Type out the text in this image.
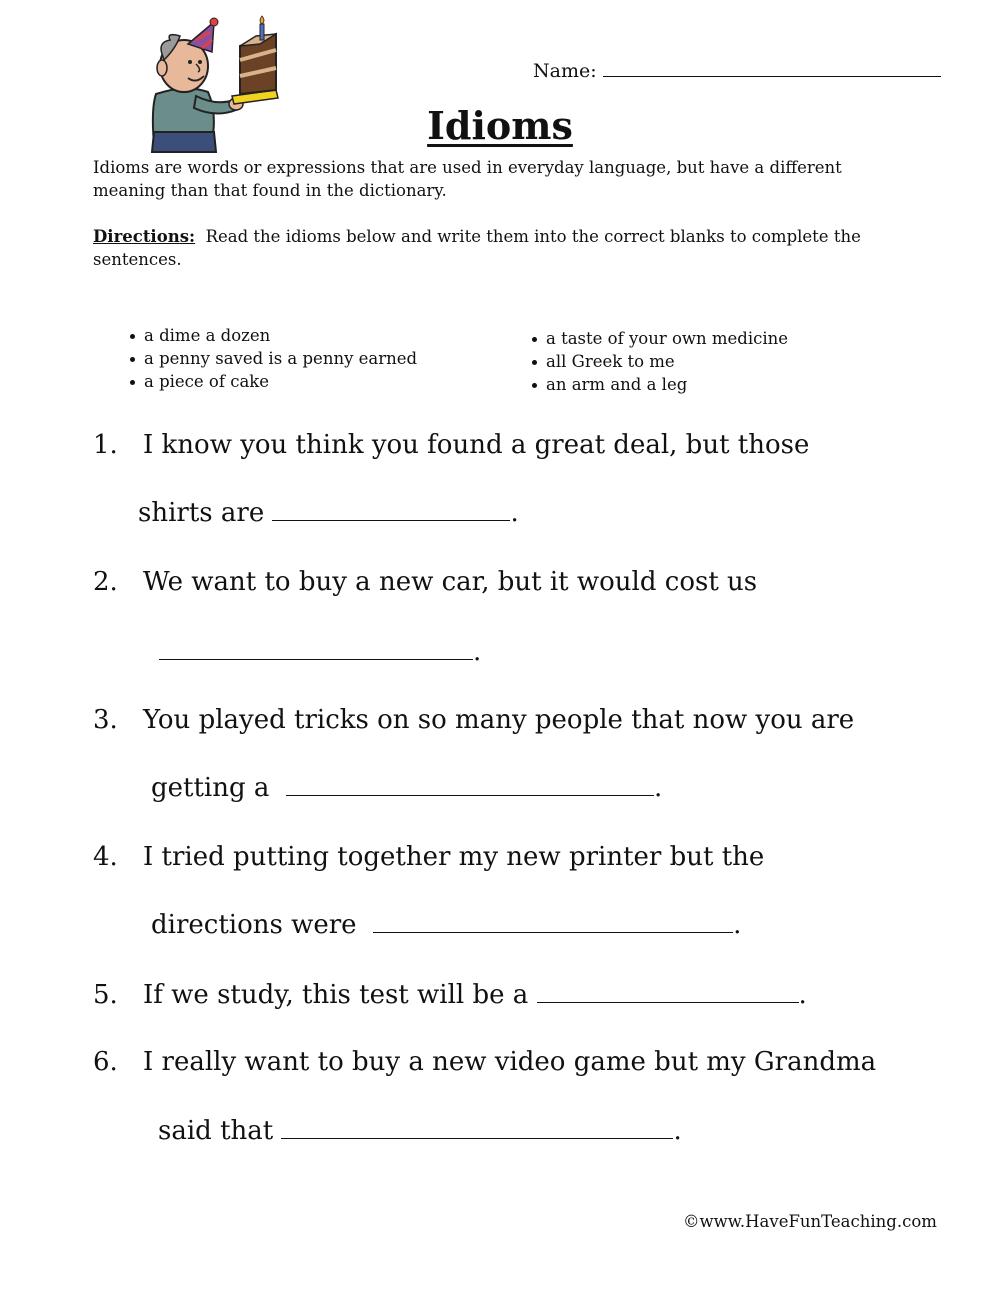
Name:
Idioms
Idioms are words or expressions that are used in everyday language, but have a different meaning than that found in the dictionary.
Directions: Read the idioms below and write them into the correct blanks to complete the sentences.
a dime a dozen
a penny saved is a penny earned
a piece of cake
a taste of your own medicine
all Greek to me
an arm and a leg
1. I know you think you found a great deal, but those
shirts are	.
2. We want to buy a new car, but it would cost us
.
3. You played tricks on so many people that now you are
getting a	.
4. I tried putting together my new printer but the
directions were	.
5. If we study, this test will be a	.
6. I really want to buy a new video game but my Grandma
said that	.
©www.HaveFunTeaching.com
